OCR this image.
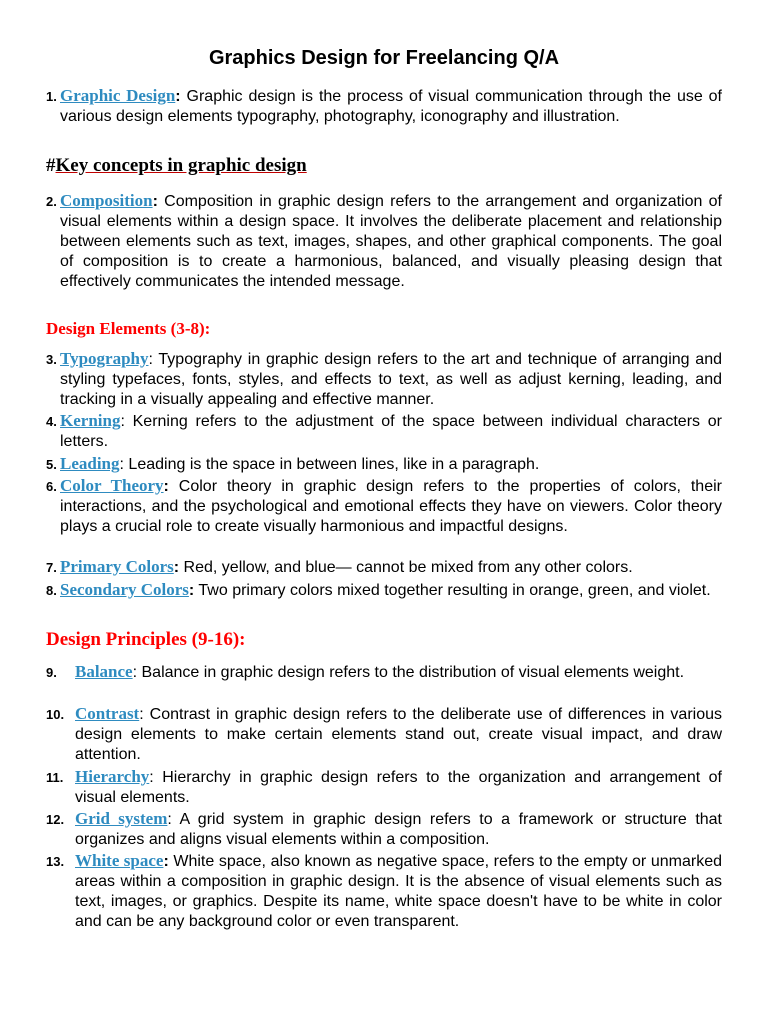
Graphics Design for Freelancing Q/A
1. Graphic Design: Graphic design is the process of visual communication through the use of various design elements typography, photography, iconography and illustration.
#Key concepts in graphic design
2. Composition: Composition in graphic design refers to the arrangement and organization of visual elements within a design space. It involves the deliberate placement and relationship between elements such as text, images, shapes, and other graphical components. The goal of composition is to create a harmonious, balanced, and visually pleasing design that effectively communicates the intended message.
Design Elements (3-8):
3. Typography: Typography in graphic design refers to the art and technique of arranging and styling typefaces, fonts, styles, and effects to text, as well as adjust kerning, leading, and tracking in a visually appealing and effective manner.
4. Kerning: Kerning refers to the adjustment of the space between individual characters or letters.
5. Leading: Leading is the space in between lines, like in a paragraph.
6. Color Theory: Color theory in graphic design refers to the properties of colors, their interactions, and the psychological and emotional effects they have on viewers. Color theory plays a crucial role to create visually harmonious and impactful designs.
7. Primary Colors: Red, yellow, and blue— cannot be mixed from any other colors.
8. Secondary Colors: Two primary colors mixed together resulting in orange, green, and violet.
Design Principles (9-16):
9. Balance: Balance in graphic design refers to the distribution of visual elements weight.
10. Contrast: Contrast in graphic design refers to the deliberate use of differences in various design elements to make certain elements stand out, create visual impact, and draw attention.
11. Hierarchy: Hierarchy in graphic design refers to the organization and arrangement of visual elements.
12. Grid system: A grid system in graphic design refers to a framework or structure that organizes and aligns visual elements within a composition.
13. White space: White space, also known as negative space, refers to the empty or unmarked areas within a composition in graphic design. It is the absence of visual elements such as text, images, or graphics. Despite its name, white space doesn't have to be white in color and can be any background color or even transparent.
